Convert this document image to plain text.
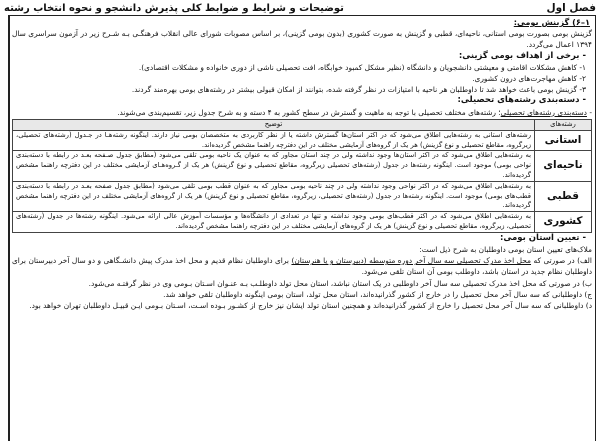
فصل اول
توضیحات و شرایط و ضوابط کلی پذیرش دانشجو و نحوه انتخاب رشته
۱–۶) گزینش بومی:
گزینش بومی بصورت بومی استانی، ناحیه‌ای، قطبی و گزینش به صورت کشوری (بدون بومی گزینی)، بر اساس مصوبات شورای عالی انقلاب فرهنگـی بـه شـرح زیر در آزمون سراسری سال ۱۳۹۴ اعمال می‌گردد.
- برخی از اهداف بومی گزینی:
۱- کاهش مشکلات اقامتی و معیشتی دانشجویان و دانشگاه (نظیر مشکل کمبود خوابگاه، افت تحصیلی ناشی از دوری خانواده و مشکلات اقتصادی).
۲- کاهش مهاجرت‌های درون کشوری.
۳- گزینش بومی باعث خواهد شد تا داوطلبان هر ناحیه با امتیازات در نظر گرفته شده، بتوانند از امکان قبولی بیشتر در رشته‌های بومی بهره‌مند گردند.
- دسته‌بندی رشته‌های تحصیلی:
- دسته‌بندی رشته‌های تحصیلی؛ رشته‌های مختلف تحصیلی با توجه به ماهیت و گسترش در سطح کشور به ۴ دسته و به شرح جدول زیر، تقسیم‌بندی می‌شوند.
رشته‌های	توضیح
استانی	رشته‌های استانی به رشته‌هایی اطلاق می‌شود که در اکثر استان‌ها گسترش داشته یا از نظر کاربردی به متخصصان بومی نیاز دارند. اینگونه رشته‌هـا در جـدول (رشته‌های تحصیلی، زیرگروه، مقاطع تحصیلی و نوع گزینش) هر یک از گروه‌های آزمایشی مختلف در این دفترچه راهنما مشخص گردیده‌اند.
ناحیه‌ای	به رشته‌هایی اطلاق می‌شود که در اکثر استان‌ها وجود نداشته ولی در چند استان مجاور که به عنوان یک ناحیه بومی تلقی می‌شود (مطابق جدول صـفحه بعـد در رابطه با دسته‌بندی نواحی بومی) موجود است. اینگونه رشته‌ها در جدول (رشته‌های تحصیلی زیرگروه، مقاطع تحصیلی و نوع گزینش) هر یک از گـروه‌هـای آزمایشی مختلف در این دفترچه راهنما مشخص گردیده‌اند.
قطبی	به رشته‌هایی اطلاق می‌شود که در اکثر نواحی وجود نداشته ولی در چند ناحیه بومی مجاور که به عنوان قطب بومی تلقی می‌شود (مطابق جدول صفحه بعـد در رابطه با دسته‌بندی قطب‌های بومی) موجود است. اینگونه رشته‌ها در جدول (رشته‌های تحصیلی، زیرگروه، مقاطع تحصیلی و نوع گزینش) هر یک از گروه‌های آزمایشی مختلف در این دفترچه راهنما مشخص گردیده‌اند.
کشوری	به رشته‌هایی اطلاق می‌شود که در اکثر قطب‌های بومی وجود نداشته و تنها در تعدادی از دانشگاه‌ها و مؤسسات آموزش عالی ارائه می‌شود. اینگونه رشته‌ها در جدول (رشته‌های تحصیلی، زیرگروه، مقاطع تحصیلی و نوع گزینش) هر یک از گروه‌های آزمایشی مختلف در این دفترچه راهنما مشخص گردیده‌اند.
- تعیین استان بومی:
ملاک‌های تعیین استان بومی داوطلبان به شرح ذیل است:
الف) در صورتی که محل اخذ مدرک تحصیلی سه سال آخر دوره متوسطه (دبیرستان و یا هنرستان) برای داوطلبان نظام قدیم و محل اخذ مدرک پیش دانشـگاهی و دو سال آخر دبیرستان برای داوطلبان نظام جدید در استان باشد، داوطلب بومی آن استان تلقی می‌شود.
ب) در صورتی که محل اخذ مدرک تحصیلی سه سال آخر داوطلبی در یک استان نباشد، استان محل تولد داوطلـب بـه عنـوان اسـتان بـومی وی در نظر گرفتـه می‌شود.
ج) داوطلبانی که سه سال آخر محل تحصیل را در خارج از کشور گذرانیده‌اند، استان محل تولد، استان بومی اینگونه داوطلبان تلقی خواهد شد.
د) داوطلبانی که سه سال آخر محل تحصیل را خارج از کشور گذرانیده‌اند و همچنین استان تولد ایشان نیز خارج از کشـور بـوده اسـت، اسـتان بـومی ایـن قبیـل داوطلبان تهران خواهد بود.
